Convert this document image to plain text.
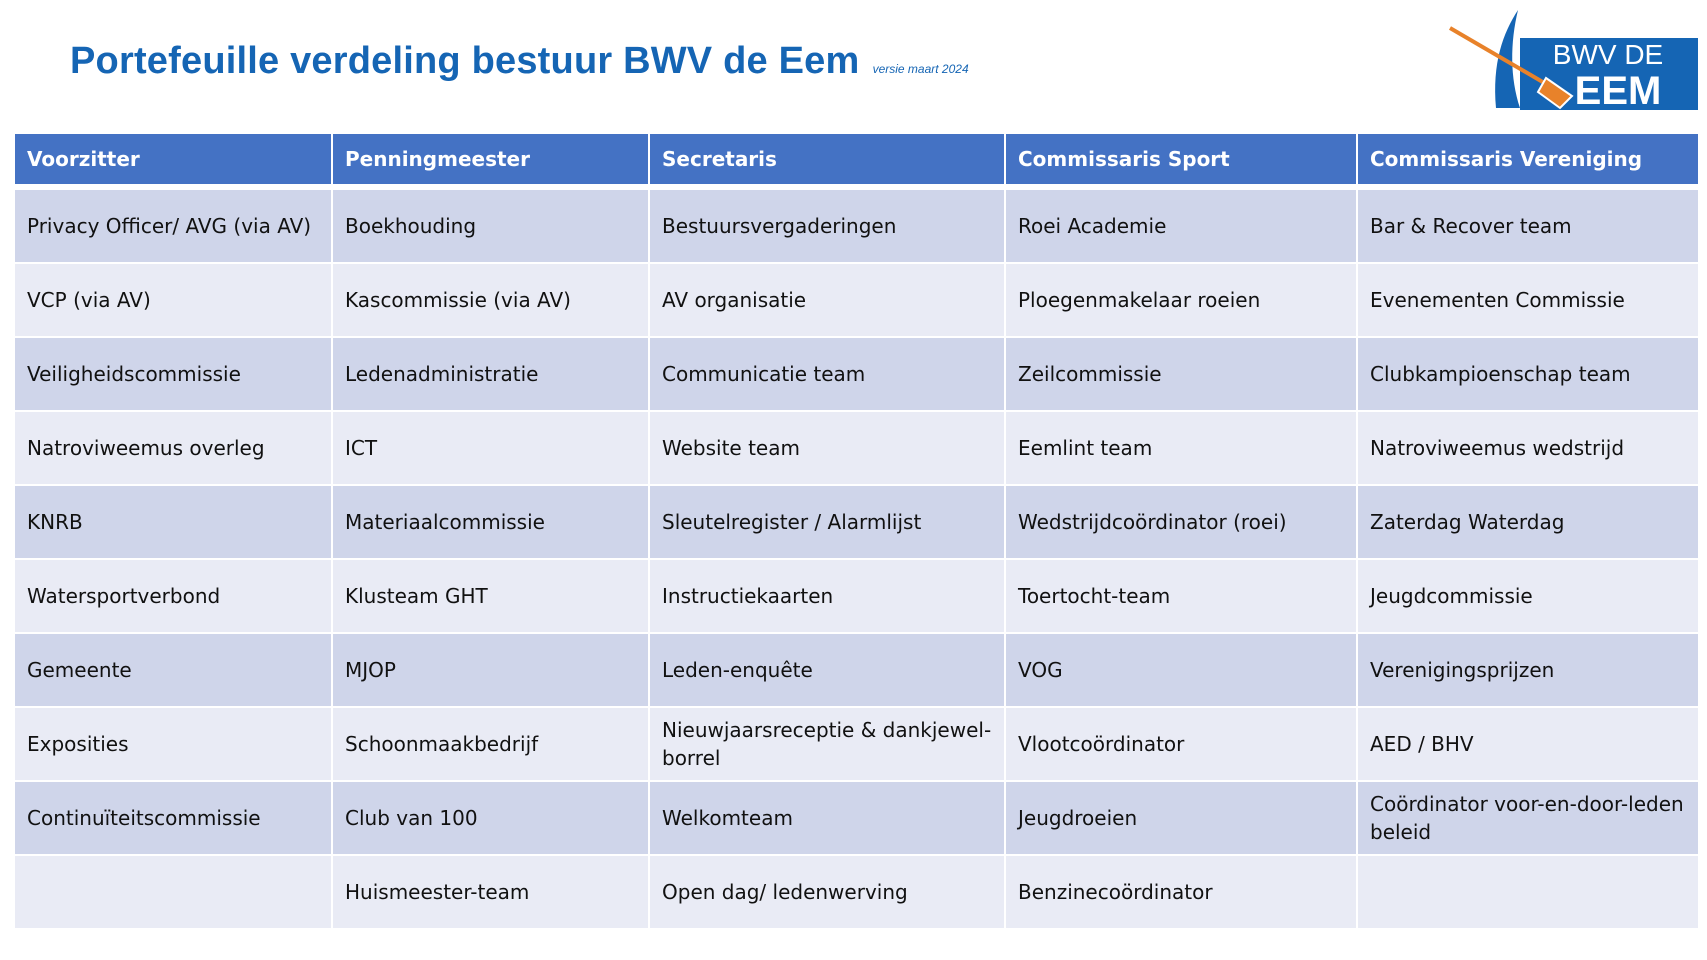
Portefeuille verdeling bestuur BWV de Eem versie maart 2024	BWV DE
EEM
Voorzitter	Penningmeester	Secretaris	Commissaris Sport	Commissaris Vereniging
Privacy Officer/ AVG (via AV)	Boekhouding	Bestuursvergaderingen	Roei Academie	Bar & Recover team
VCP (via AV)	Kascommissie (via AV)	AV organisatie	Ploegenmakelaar roeien	Evenementen Commissie
Veiligheidscommissie	Ledenadministratie	Communicatie team	Zeilcommissie	Clubkampioenschap team
Natroviweemus overleg	ICT	Website team	Eemlint team	Natroviweemus wedstrijd
KNRB	Materiaalcommissie	Sleutelregister / Alarmlijst	Wedstrijdcoördinator (roei)	Zaterdag Waterdag
Watersportverbond	Klusteam GHT	Instructiekaarten	Toertocht-team	Jeugdcommissie
Gemeente	MJOP	Leden-enquête	VOG	Verenigingsprijzen
Exposities	Schoonmaakbedrijf	Nieuwjaarsreceptie & dankjewel-borrel	Vlootcoördinator	AED / BHV
Continuïteitscommissie	Club van 100	Welkomteam	Jeugdroeien	Coördinator voor-en-door-leden beleid
	Huismeester-team	Open dag/ ledenwerving	Benzinecoördinator	
